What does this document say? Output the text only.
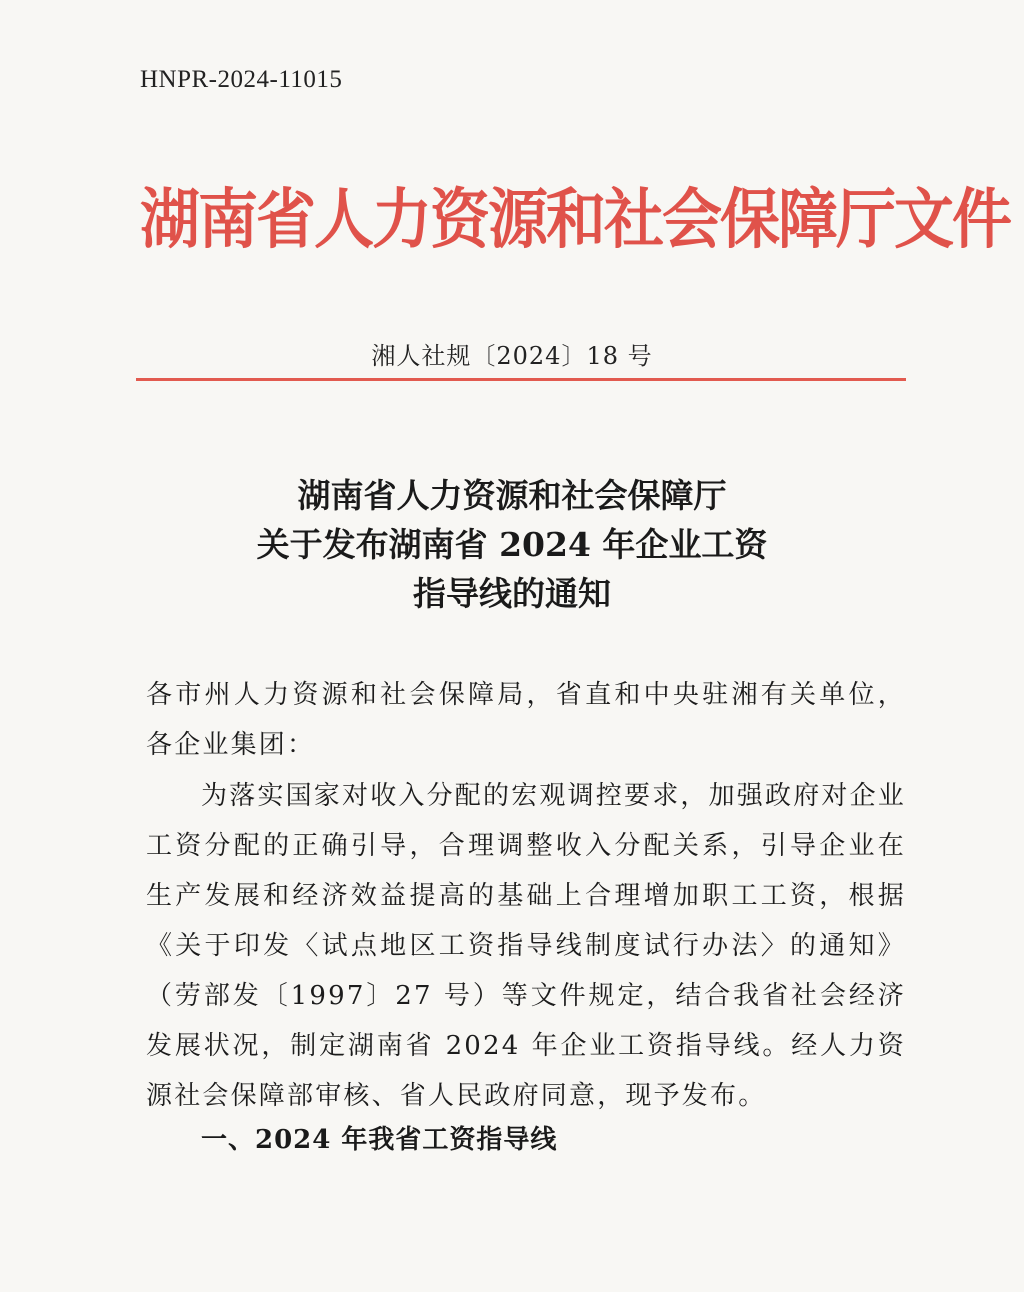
HNPR-2024-11015
湖南省人力资源和社会保障厅文件
湘人社规〔2024〕18 号
湖南省人力资源和社会保障厅
关于发布湖南省 2024 年企业工资
指导线的通知
各市州人力资源和社会保障局，省直和中央驻湘有关单位，各企业集团：
为落实国家对收入分配的宏观调控要求，加强政府对企业工资分配的正确引导，合理调整收入分配关系，引导企业在生产发展和经济效益提高的基础上合理增加职工工资，根据《关于印发〈试点地区工资指导线制度试行办法〉的通知》（劳部发〔1997〕27 号）等文件规定，结合我省社会经济发展状况，制定湖南省 2024 年企业工资指导线。经人力资源社会保障部审核、省人民政府同意，现予发布。
一、2024 年我省工资指导线
